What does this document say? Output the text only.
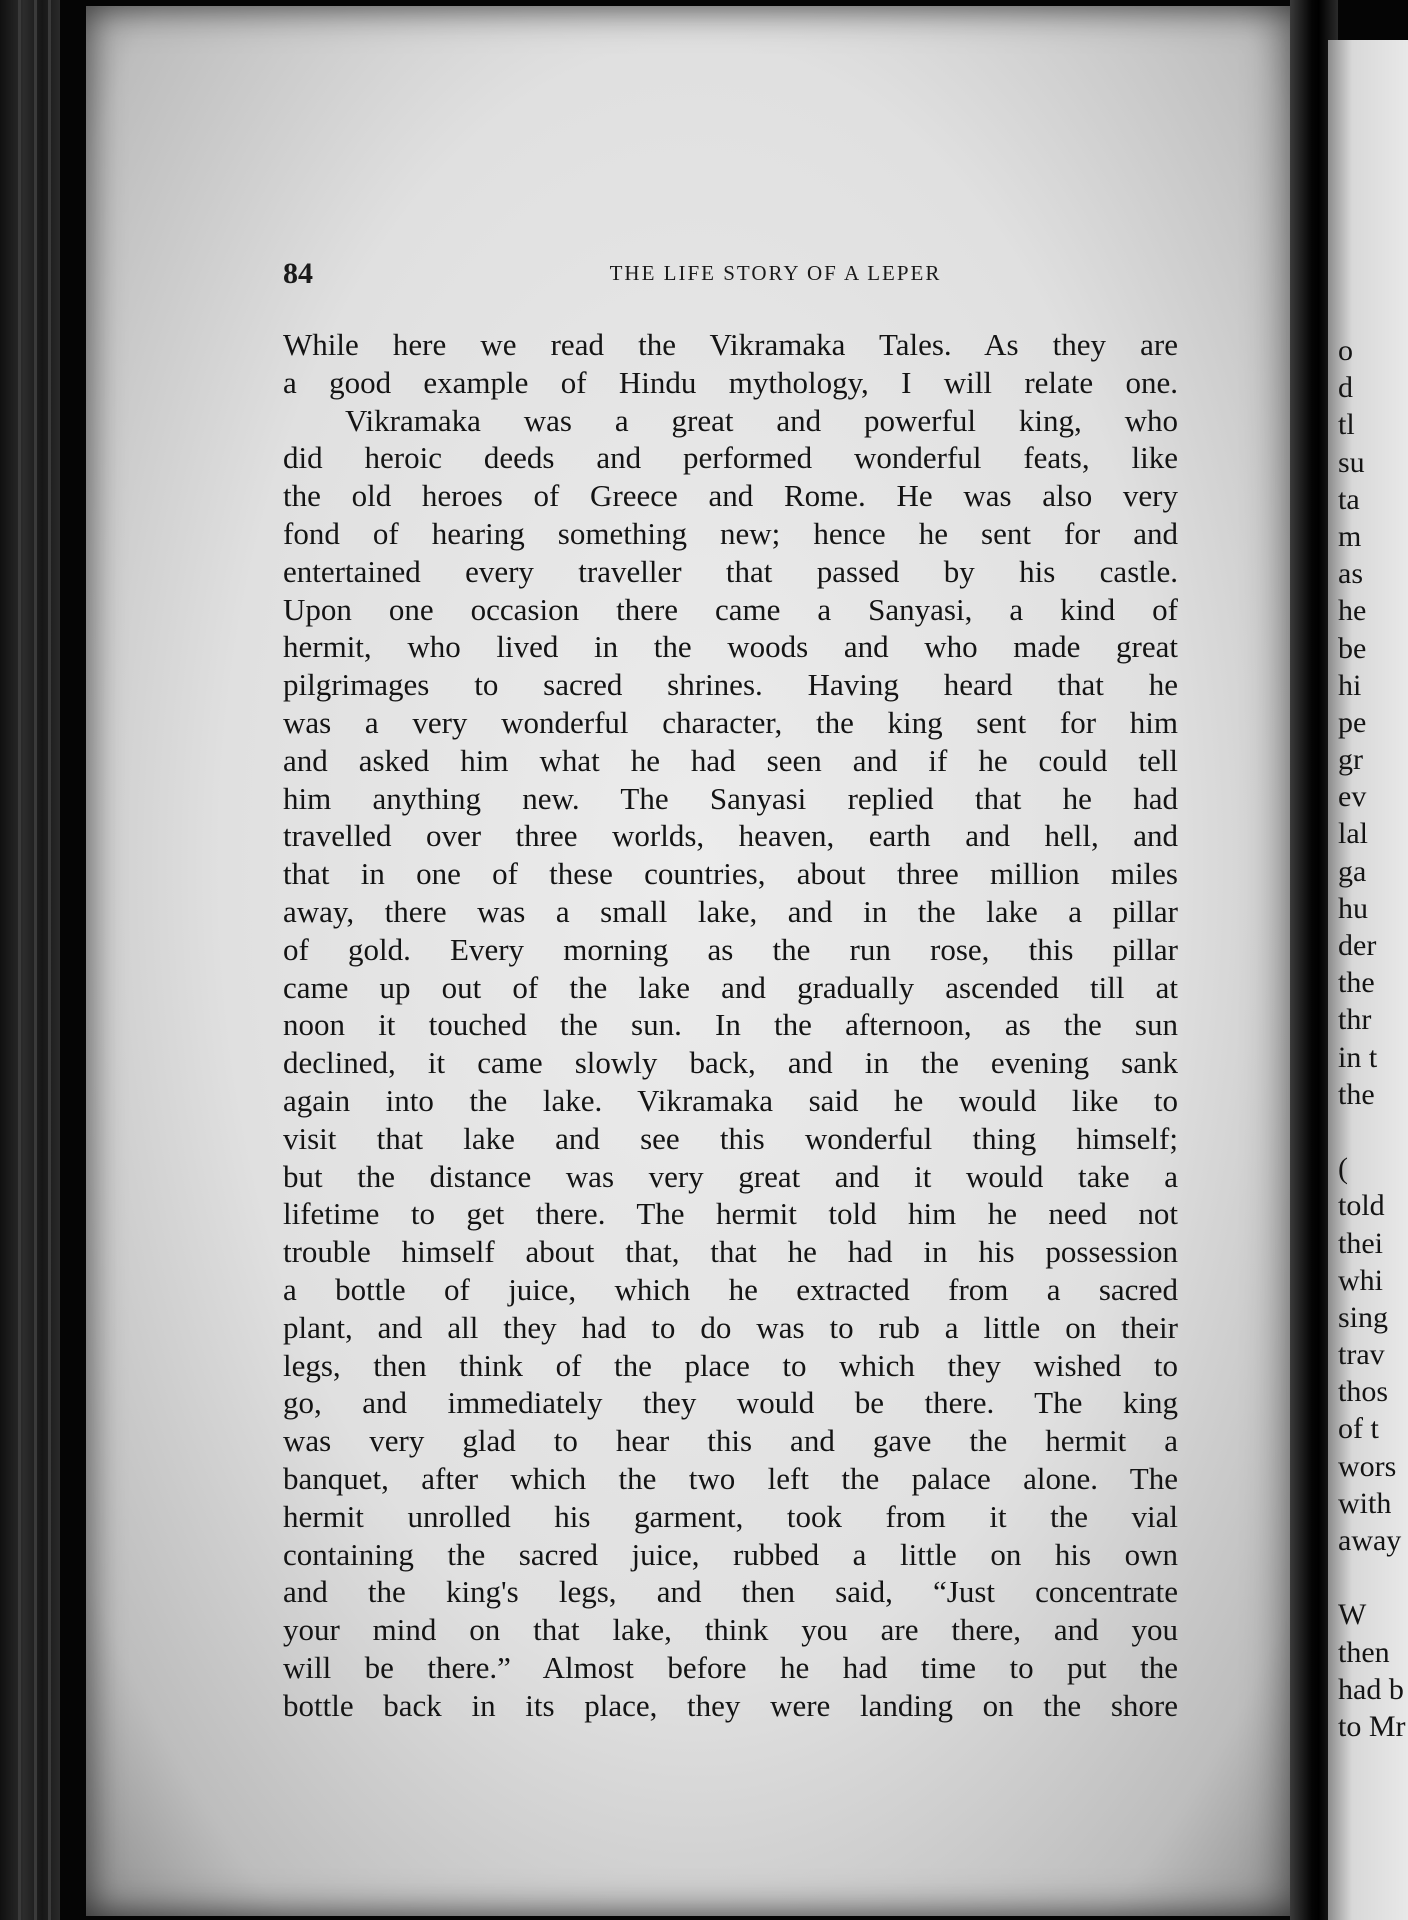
84	THE LIFE STORY OF A LEPER
While here we read the Vikramaka Tales. As they are
a good example of Hindu mythology, I will relate one.
Vikramaka was a great and powerful king, who
did heroic deeds and performed wonderful feats, like
the old heroes of Greece and Rome. He was also very
fond of hearing something new; hence he sent for and
entertained every traveller that passed by his castle.
Upon one occasion there came a Sanyasi, a kind of
hermit, who lived in the woods and who made great
pilgrimages to sacred shrines. Having heard that he
was a very wonderful character, the king sent for him
and asked him what he had seen and if he could tell
him anything new. The Sanyasi replied that he had
travelled over three worlds, heaven, earth and hell, and
that in one of these countries, about three million miles
away, there was a small lake, and in the lake a pillar
of gold. Every morning as the run rose, this pillar
came up out of the lake and gradually ascended till at
noon it touched the sun. In the afternoon, as the sun
declined, it came slowly back, and in the evening sank
again into the lake. Vikramaka said he would like to
visit that lake and see this wonderful thing himself;
but the distance was very great and it would take a
lifetime to get there. The hermit told him he need not
trouble himself about that, that he had in his possession
a bottle of juice, which he extracted from a sacred
plant, and all they had to do was to rub a little on their
legs, then think of the place to which they wished to
go, and immediately they would be there. The king
was very glad to hear this and gave the hermit a
banquet, after which the two left the palace alone. The
hermit unrolled his garment, took from it the vial
containing the sacred juice, rubbed a little on his own
and the king's legs, and then said, “Just concentrate
your mind on that lake, think you are there, and you
will be there.” Almost before he had time to put the
bottle back in its place, they were landing on the shore
o
d
tl
su
ta
m
as
he
be
hi
pe
gr
ev
lal
ga
hu
der
the
thr
in t
the
(
told
thei
whi
sing
trav
thos
of t
wors
with
away
W
then
had b
to Mr
